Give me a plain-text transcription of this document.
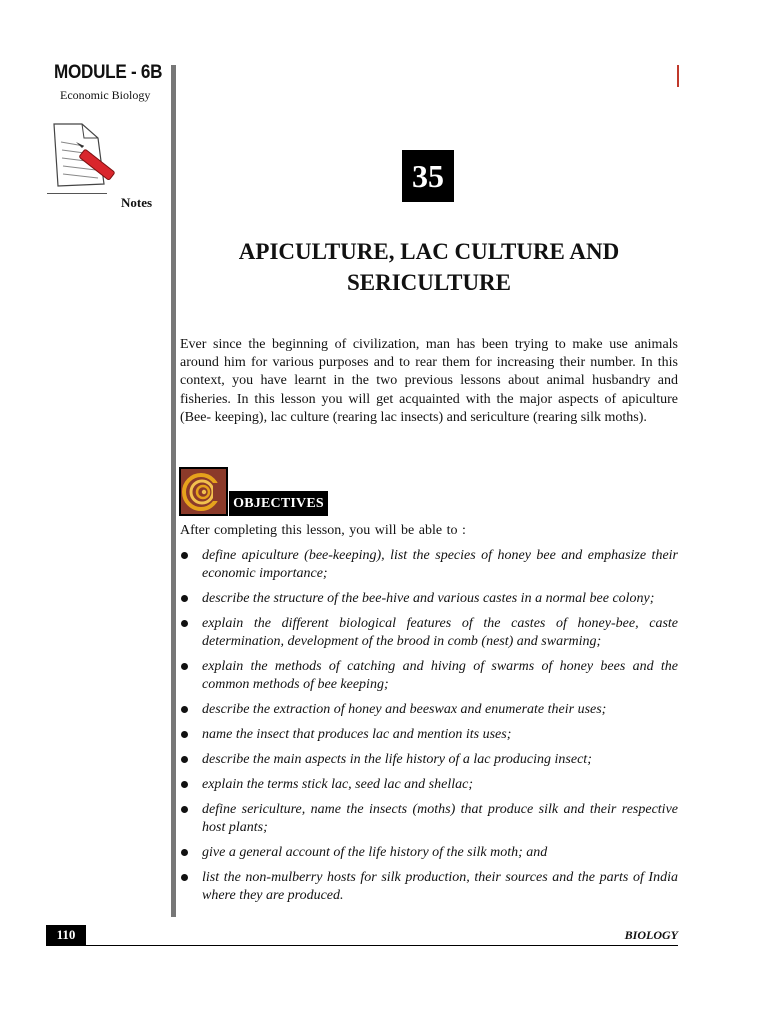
MODULE - 6B
Economic Biology
Notes
35
APICULTURE, LAC CULTURE AND SERICULTURE

Ever since the beginning of civilization, man has been trying to make use animals around him for various purposes and to rear them for increasing their number. In this context, you have learnt in the two previous lessons about animal husbandry and fisheries. In this lesson you will get acquainted with the major aspects of apiculture (Bee- keeping), lac culture (rearing lac insects) and sericulture (rearing silk moths).

OBJECTIVES
After completing this lesson, you will be able to :
define apiculture (bee-keeping), list the species of honey bee and emphasize their economic importance;
describe the structure of the bee-hive and various castes in a normal bee colony;
explain the different biological features of the castes of honey-bee, caste determination, development of the brood in comb (nest) and swarming;
explain the methods of catching and hiving of swarms of honey bees and the common methods of bee keeping;
describe the extraction of honey and beeswax and enumerate their uses;
name the insect that produces lac and mention its uses;
describe the main aspects in the life history of a lac producing insect;
explain the terms stick lac, seed lac and shellac;
define sericulture, name the insects (moths) that produce silk and their respective host plants;
give a general account of the life history of the silk moth; and
list the non-mulberry hosts for silk production, their sources and the parts of India where they are produced.
110	BIOLOGY
